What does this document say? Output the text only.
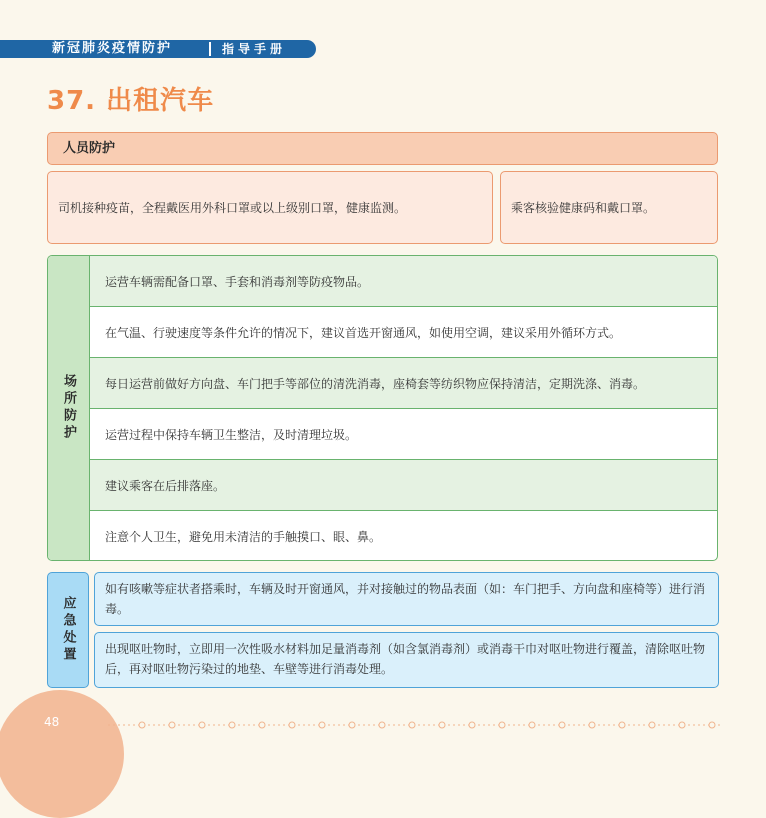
新冠肺炎疫情防护	指导手册
37. 出租汽车
人员防护
司机接种疫苗，全程戴医用外科口罩或以上级别口罩，健康监测。	乘客核验健康码和戴口罩。
场所防护
运营车辆需配备口罩、手套和消毒剂等防疫物品。
在气温、行驶速度等条件允许的情况下，建议首选开窗通风，如使用空调，建议采用外循环方式。
每日运营前做好方向盘、车门把手等部位的清洗消毒，座椅套等纺织物应保持清洁，定期洗涤、消毒。
运营过程中保持车辆卫生整洁，及时清理垃圾。
建议乘客在后排落座。
注意个人卫生，避免用未清洁的手触摸口、眼、鼻。
应急处置
如有咳嗽等症状者搭乘时，车辆及时开窗通风，并对接触过的物品表面（如：车门把手、方向盘和座椅等）进行消毒。
出现呕吐物时，立即用一次性吸水材料加足量消毒剂（如含氯消毒剂）或消毒干巾对呕吐物进行覆盖，清除呕吐物后，再对呕吐物污染过的地垫、车壁等进行消毒处理。
48
